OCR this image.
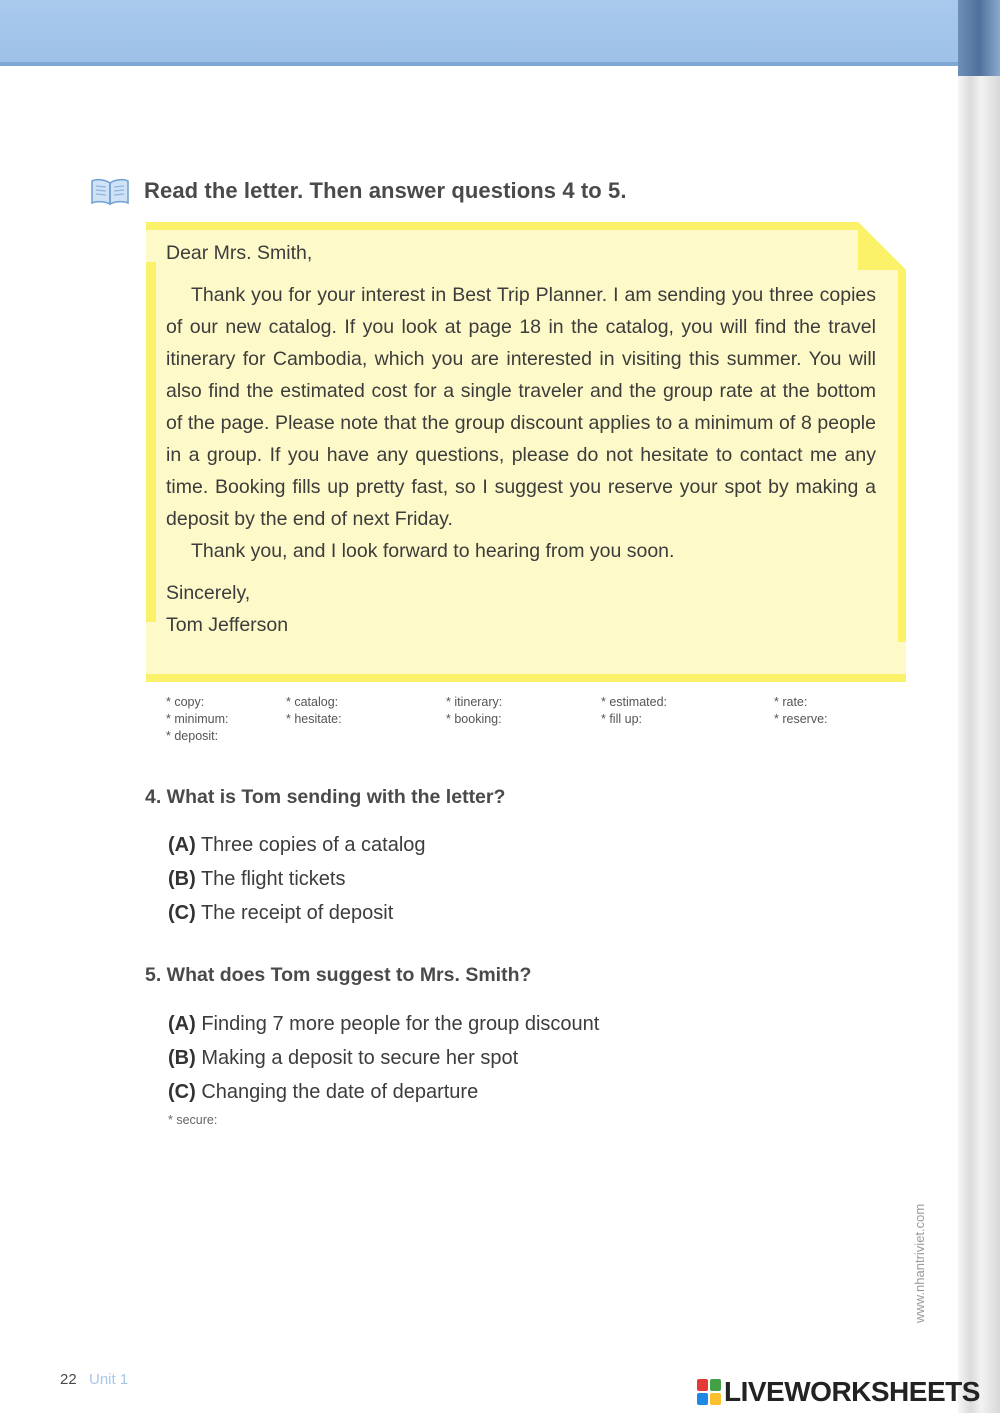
Read the letter. Then answer questions 4 to 5.

Dear Mrs. Smith,

Thank you for your interest in Best Trip Planner. I am sending you three copies of our new catalog. If you look at page 18 in the catalog, you will find the travel itinerary for Cambodia, which you are interested in visiting this summer. You will also find the estimated cost for a single traveler and the group rate at the bottom of the page. Please note that the group discount applies to a minimum of 8 people in a group. If you have any questions, please do not hesitate to contact me any time. Booking fills up pretty fast, so I suggest you reserve your spot by making a deposit by the end of next Friday.

Thank you, and I look forward to hearing from you soon.

Sincerely,

Tom Jefferson

* copy:	* catalog:	* itinerary:	* estimated:	* rate:
* minimum:	* hesitate:	* booking:	* fill up:	* reserve:
* deposit:
4. What is Tom sending with the letter?
(A) Three copies of a catalog
(B) The flight tickets
(C) The receipt of deposit
5. What does Tom suggest to Mrs. Smith?
(A) Finding 7 more people for the group discount
(B) Making a deposit to secure her spot
(C) Changing the date of departure
* secure:
www.nhantriviet.com
22 Unit 1	LIVEWORKSHEETS
